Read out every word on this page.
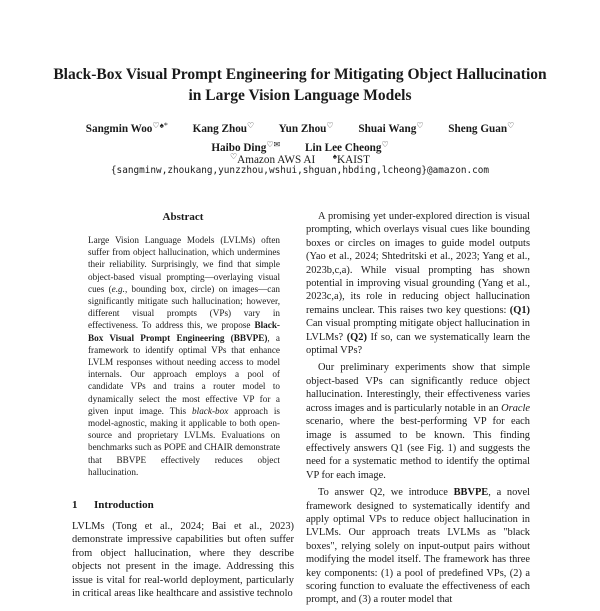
Black-Box Visual Prompt Engineering for Mitigating Object Hallucination
in Large Vision Language Models
Sangmin Woo♡♠* Kang Zhou♡ Yun Zhou♡ Shuai Wang♡ Sheng Guan♡
Haibo Ding♡✉ Lin Lee Cheong♡
♡Amazon AWS AI ♠KAIST
{sangminw,zhoukang,yunzzhou,wshui,shguan,hbding,lcheong}@amazon.com
Abstract
Large Vision Language Models (LVLMs) often suffer from object hallucination, which undermines their reliability. Surprisingly, we find that simple object-based visual prompting—overlaying visual cues (e.g., bounding box, circle) on images—can significantly mitigate such hallucination; however, different visual prompts (VPs) vary in effectiveness. To address this, we propose Black-Box Visual Prompt Engineering (BBVPE), a framework to identify optimal VPs that enhance LVLM responses without needing access to model internals. Our approach employs a pool of candidate VPs and trains a router model to dynamically select the most effective VP for a given input image. This black-box approach is model-agnostic, making it applicable to both open-source and proprietary LVLMs. Evaluations on benchmarks such as POPE and CHAIR demonstrate that BBVPE effectively reduces object hallucination.
1 Introduction

LVLMs (Tong et al., 2024; Bai et al., 2023) demonstrate impressive capabilities but often suffer from object hallucination, where they describe objects not present in the image. Addressing this issue is vital for real-world deployment, particularly in critical areas like healthcare and assistive technolo

A promising yet under-explored direction is visual prompting, which overlays visual cues like bounding boxes or circles on images to guide model outputs (Yao et al., 2024; Shtedritski et al., 2023; Yang et al., 2023b,c,a). While visual prompting has shown potential in improving visual grounding (Yang et al., 2023c,a), its role in reducing object hallucination remains unclear. This raises two key questions: (Q1) Can visual prompting mitigate object hallucination in LVLMs? (Q2) If so, can we systematically learn the optimal VPs?

Our preliminary experiments show that simple object-based VPs can significantly reduce object hallucination. Interestingly, their effectiveness varies across images and is particularly notable in an Oracle scenario, where the best-performing VP for each image is assumed to be known. This finding effectively answers Q1 (see Fig. 1) and suggests the need for a systematic method to identify the optimal VP for each image.

To answer Q2, we introduce BBVPE, a novel framework designed to systematically identify and apply optimal VPs to reduce object hallucination in LVLMs. Our approach treats LVLMs as "black boxes", relying solely on input-output pairs without modifying the model itself. The framework has three key components: (1) a pool of predefined VPs, (2) a scoring function to evaluate the effectiveness of each prompt, and (3) a router model that
